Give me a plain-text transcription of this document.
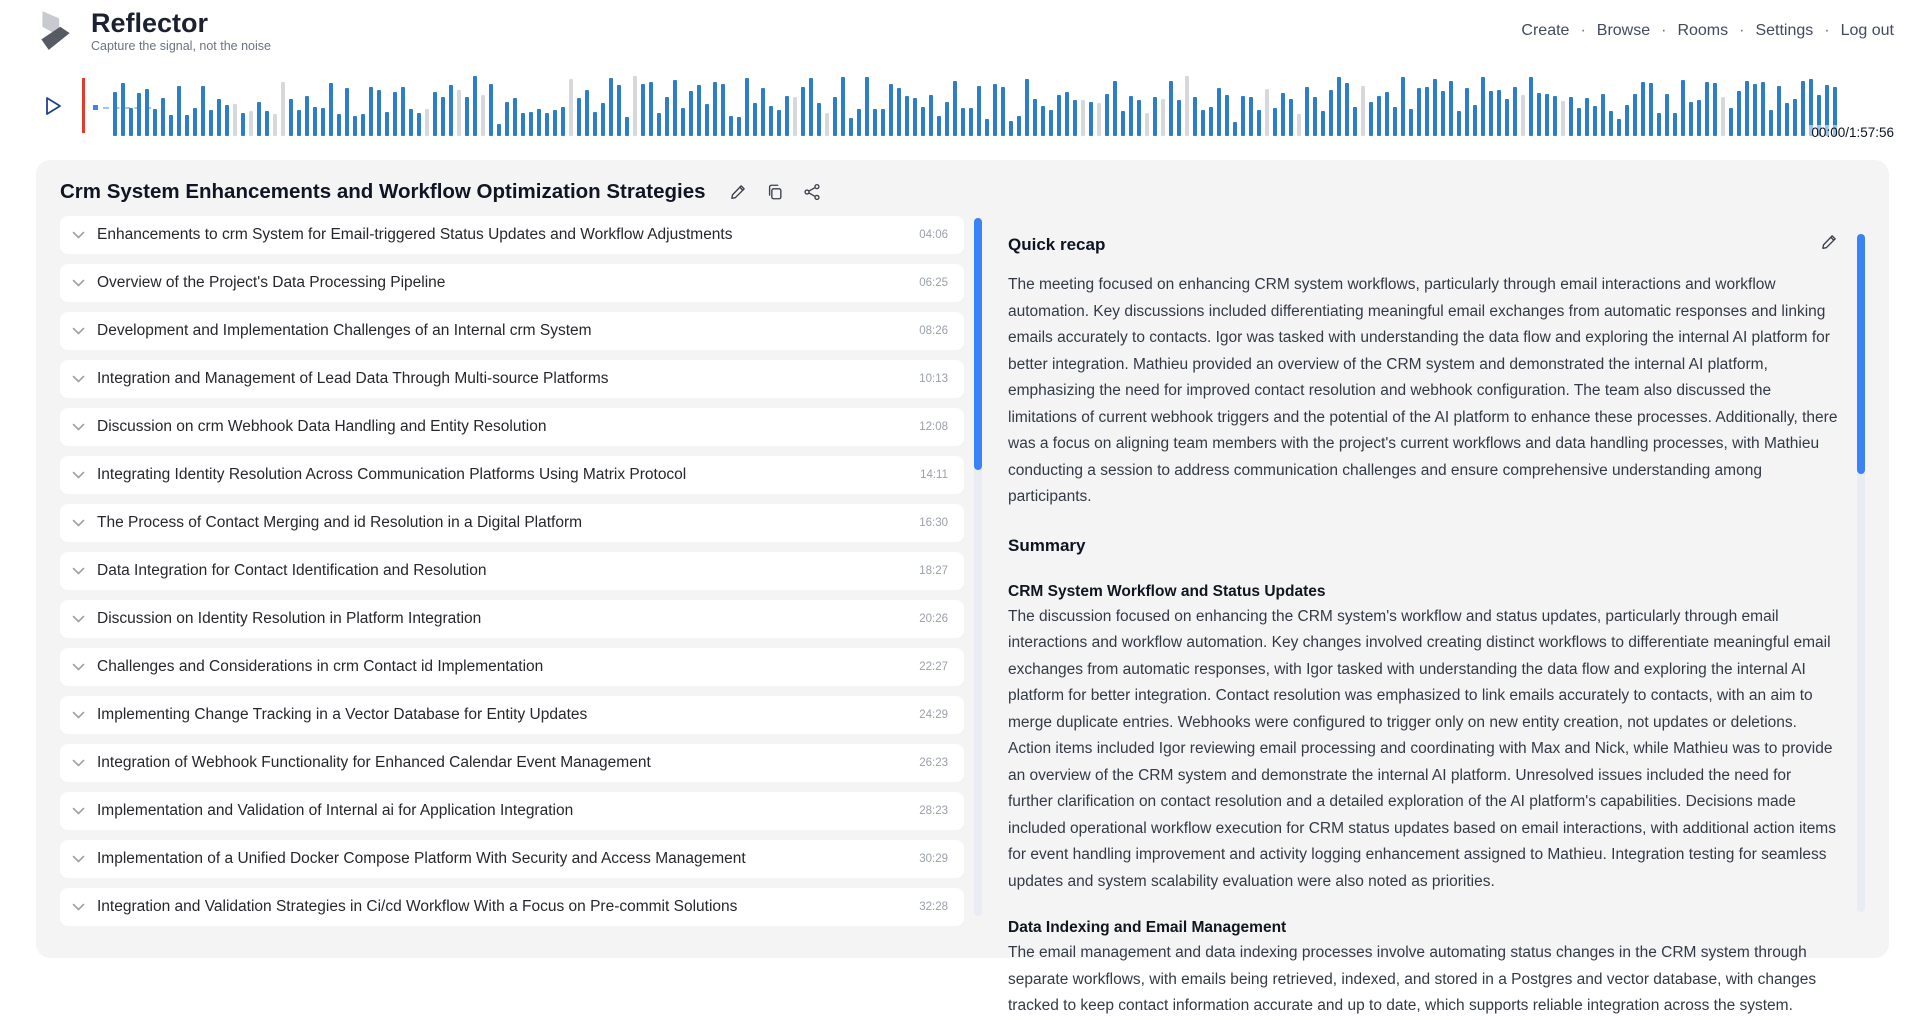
Reflector
Capture the signal, not the noise
Create · Browse · Rooms · Settings · Log out
00:00/1:57:56
Crm System Enhancements and Workflow Optimization Strategies
Enhancements to crm System for Email-triggered Status Updates and Workflow Adjustments	04:06
Overview of the Project's Data Processing Pipeline	06:25
Development and Implementation Challenges of an Internal crm System	08:26
Integration and Management of Lead Data Through Multi-source Platforms	10:13
Discussion on crm Webhook Data Handling and Entity Resolution	12:08
Integrating Identity Resolution Across Communication Platforms Using Matrix Protocol	14:11
The Process of Contact Merging and id Resolution in a Digital Platform	16:30
Data Integration for Contact Identification and Resolution	18:27
Discussion on Identity Resolution in Platform Integration	20:26
Challenges and Considerations in crm Contact id Implementation	22:27
Implementing Change Tracking in a Vector Database for Entity Updates	24:29
Integration of Webhook Functionality for Enhanced Calendar Event Management	26:23
Implementation and Validation of Internal ai for Application Integration	28:23
Implementation of a Unified Docker Compose Platform With Security and Access Management	30:29
Integration and Validation Strategies in Ci/cd Workflow With a Focus on Pre-commit Solutions	32:28
Quick recap

The meeting focused on enhancing CRM system workflows, particularly through email interactions and workflow automation. Key discussions included differentiating meaningful email exchanges from automatic responses and linking emails accurately to contacts. Igor was tasked with understanding the data flow and exploring the internal AI platform for better integration. Mathieu provided an overview of the CRM system and demonstrated the internal AI platform, emphasizing the need for improved contact resolution and webhook configuration. The team also discussed the limitations of current webhook triggers and the potential of the AI platform to enhance these processes. Additionally, there was a focus on aligning team members with the project's current workflows and data handling processes, with Mathieu conducting a session to address communication challenges and ensure comprehensive understanding among participants.

Summary
CRM System Workflow and Status Updates

The discussion focused on enhancing the CRM system's workflow and status updates, particularly through email interactions and workflow automation. Key changes involved creating distinct workflows to differentiate meaningful email exchanges from automatic responses, with Igor tasked with understanding the data flow and exploring the internal AI platform for better integration. Contact resolution was emphasized to link emails accurately to contacts, with an aim to merge duplicate entries. Webhooks were configured to trigger only on new entity creation, not updates or deletions. Action items included Igor reviewing email processing and coordinating with Max and Nick, while Mathieu was to provide an overview of the CRM system and demonstrate the internal AI platform. Unresolved issues included the need for further clarification on contact resolution and a detailed exploration of the AI platform's capabilities. Decisions made included operational workflow execution for CRM status updates based on email interactions, with additional action items for event handling improvement and activity logging enhancement assigned to Mathieu. Integration testing for seamless updates and system scalability evaluation were also noted as priorities.

Data Indexing and Email Management

The email management and data indexing processes involve automating status changes in the CRM system through separate workflows, with emails being retrieved, indexed, and stored in a Postgres and vector database, with changes tracked to keep contact information accurate and up to date, which supports reliable integration across the system.
